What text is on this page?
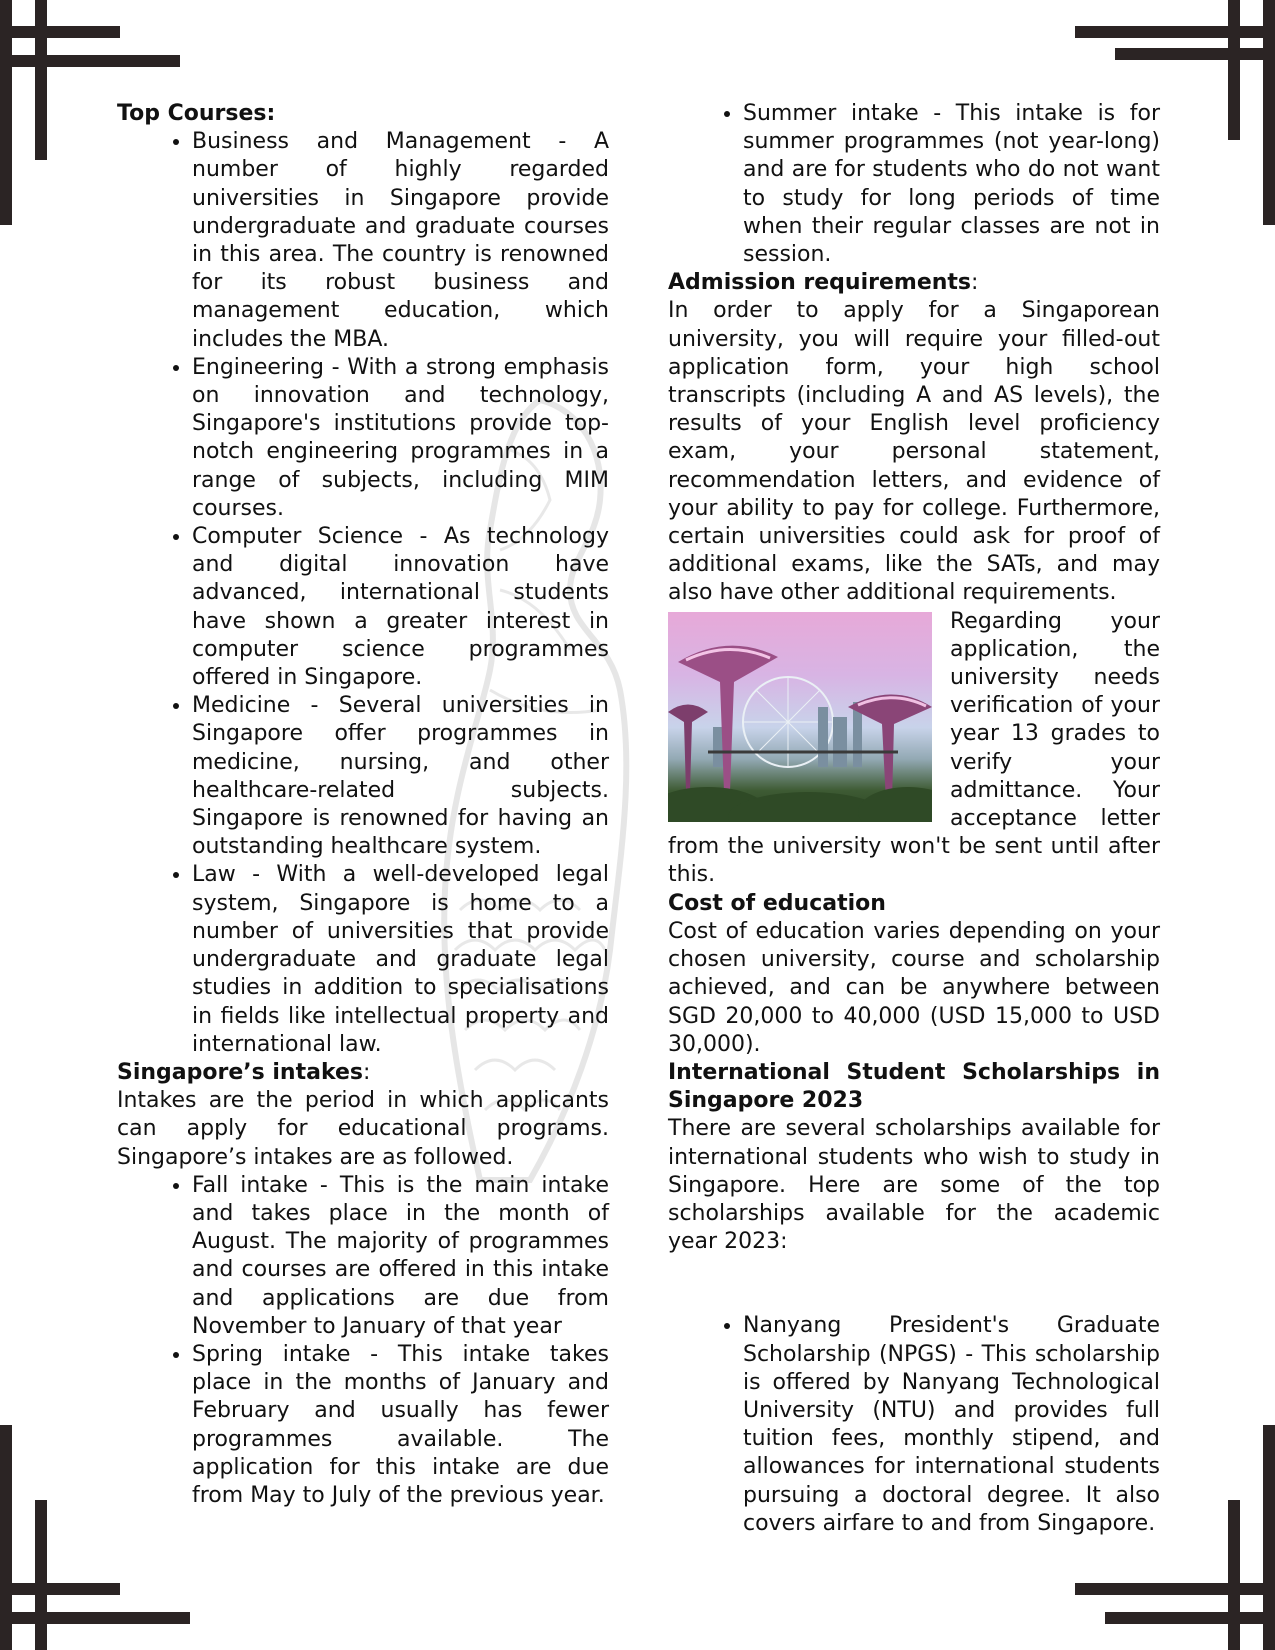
Top Courses:
• Business and Management - A number of highly regarded universities in Singapore provide undergraduate and graduate courses in this area. The country is renowned for its robust business and management education, which includes the MBA.
• Engineering - With a strong emphasis on innovation and technology, Singapore's institutions provide top-notch engineering programmes in a range of subjects, including MIM courses.
• Computer Science - As technology and digital innovation have advanced, international students have shown a greater interest in computer science programmes offered in Singapore.
• Medicine - Several universities in Singapore offer programmes in medicine, nursing, and other healthcare-related subjects. Singapore is renowned for having an outstanding healthcare system.
• Law - With a well-developed legal system, Singapore is home to a number of universities that provide undergraduate and graduate legal studies in addition to specialisations in fields like intellectual property and international law.
Singapore’s intakes:

Intakes are the period in which applicants can apply for educational programs. Singapore’s intakes are as followed.

• Fall intake - This is the main intake and takes place in the month of August. The majority of programmes and courses are offered in this intake and applications are due from November to January of that year
• Spring intake - This intake takes place in the months of January and February and usually has fewer programmes available. The application for this intake are due from May to July of the previous year.
• Summer intake - This intake is for summer programmes (not year-long) and are for students who do not want to study for long periods of time when their regular classes are not in session.
Admission requirements:

In order to apply for a Singaporean university, you will require your filled-out application form, your high school transcripts (including A and AS levels), the results of your English level proficiency exam, your personal statement, recommendation letters, and evidence of your ability to pay for college. Furthermore, certain universities could ask for proof of additional exams, like the SATs, and may also have other additional requirements.

Regarding your application, the university needs verification of your year 13 grades to verify your admittance. Your acceptance letter from the university won't be sent until after this.

Cost of education

Cost of education varies depending on your chosen university, course and scholarship achieved, and can be anywhere between SGD 20,000 to 40,000 (USD 15,000 to USD 30,000).

International Student Scholarships in Singapore 2023

There are several scholarships available for international students who wish to study in Singapore. Here are some of the top scholarships available for the academic year 2023:

• Nanyang President's Graduate Scholarship (NPGS) - This scholarship is offered by Nanyang Technological University (NTU) and provides full tuition fees, monthly stipend, and allowances for international students pursuing a doctoral degree. It also covers airfare to and from Singapore.
